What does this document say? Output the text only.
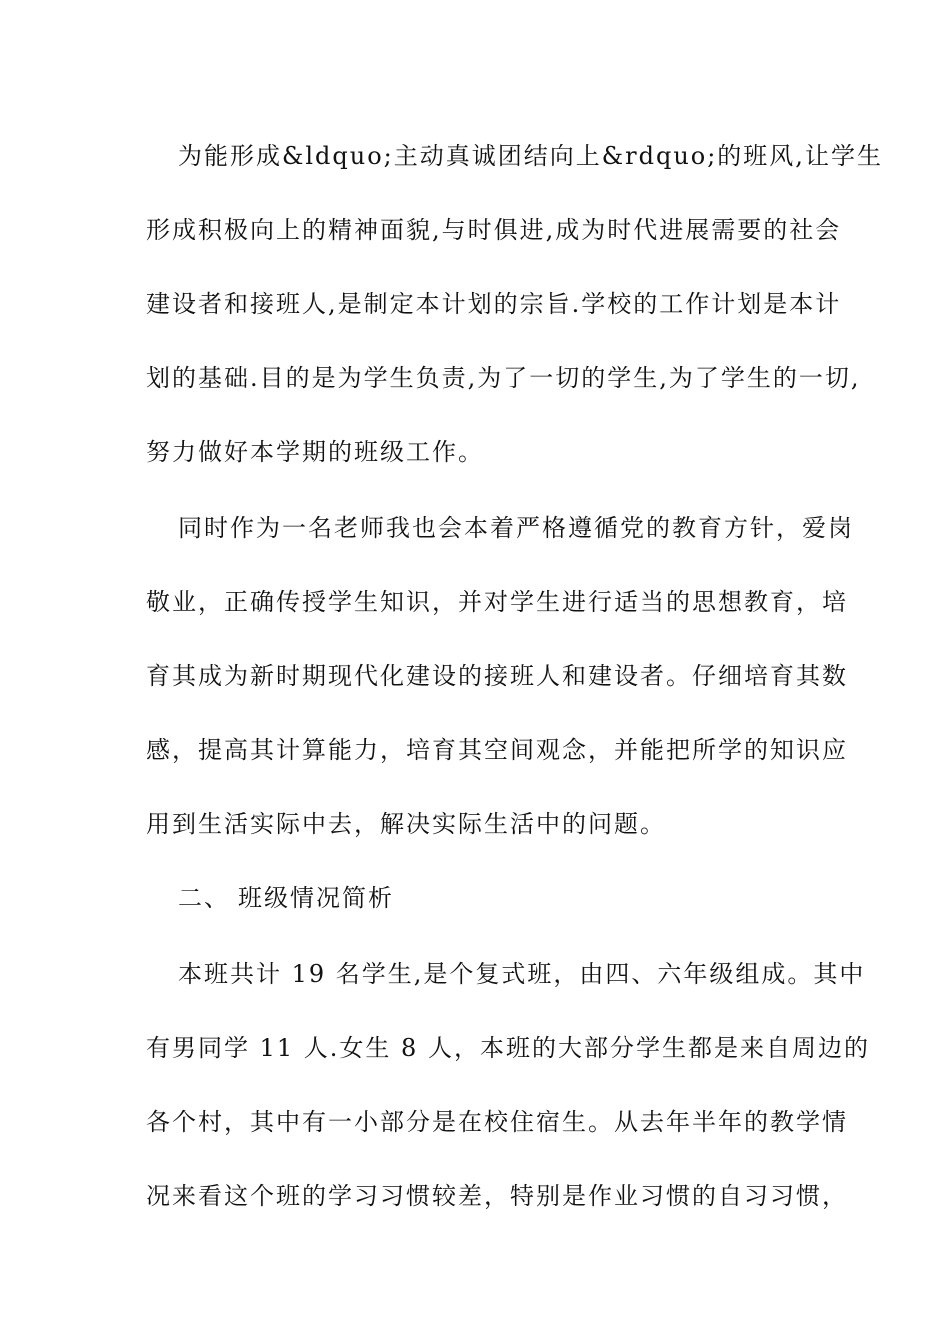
为能形成&ldquo;主动真诚团结向上&rdquo;的班风,让学生
形成积极向上的精神面貌,与时俱进,成为时代进展需要的社会
建设者和接班人,是制定本计划的宗旨.学校的工作计划是本计
划的基础.目的是为学生负责,为了一切的学生,为了学生的一切,
努力做好本学期的班级工作。
同时作为一名老师我也会本着严格遵循党的教育方针，爱岗
敬业，正确传授学生知识，并对学生进行适当的思想教育，培
育其成为新时期现代化建设的接班人和建设者。仔细培育其数
感，提高其计算能力，培育其空间观念，并能把所学的知识应
用到生活实际中去，解决实际生活中的问题。
二、 班级情况简析
本班共计 19 名学生,是个复式班，由四、六年级组成。其中
有男同学 11 人.女生 8 人，本班的大部分学生都是来自周边的
各个村，其中有一小部分是在校住宿生。从去年半年的教学情
况来看这个班的学习习惯较差，特别是作业习惯的自习习惯，
